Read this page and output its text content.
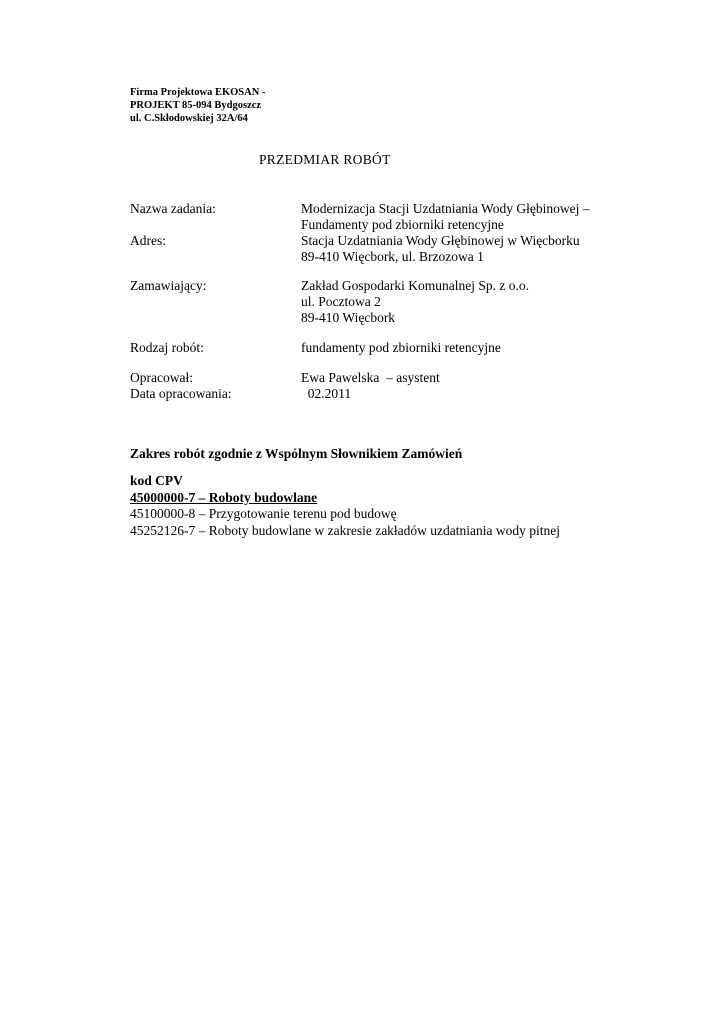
Firma Projektowa EKOSAN -
PROJEKT 85-094 Bydgoszcz
ul. C.Skłodowskiej 32A/64
PRZEDMIAR ROBÓT
Nazwa zadania:	Modernizacja Stacji Uzdatniania Wody Głębinowej –
Fundamenty pod zbiorniki retencyjne
Adres:	Stacja Uzdatniania Wody Głębinowej w Więcborku
89-410 Więcbork, ul. Brzozowa 1
Zamawiający:	Zakład Gospodarki Komunalnej Sp. z o.o.
ul. Pocztowa 2
89-410 Więcbork
Rodzaj robót:	fundamenty pod zbiorniki retencyjne
Opracował:	Ewa Pawelska  – asystent
Data opracowania:	02.2011
Zakres robót zgodnie z Wspólnym Słownikiem Zamówień
kod CPV
45000000-7 – Roboty budowlane
45100000-8 – Przygotowanie terenu pod budowę
45252126-7 – Roboty budowlane w zakresie zakładów uzdatniania wody pitnej
